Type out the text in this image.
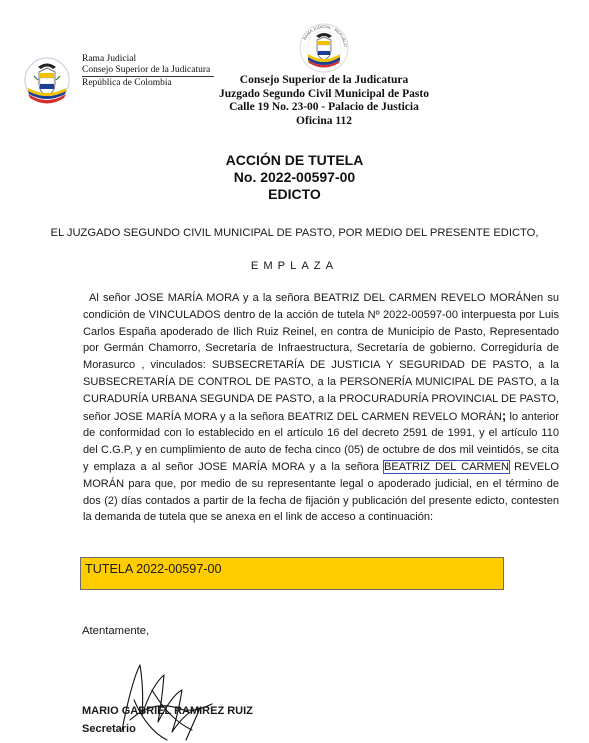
Rama Judicial
Consejo Superior de la Judicatura
República de Colombia
RAMA JUDICIAL · REPUBLIC
Consejo Superior de la Judicatura
Juzgado Segundo Civil Municipal de Pasto
Calle 19 No. 23-00 - Palacio de Justicia
Oficina 112
ACCIÓN DE TUTELA
No. 2022-00597-00
EDICTO
EL JUZGADO SEGUNDO CIVIL MUNICIPAL DE PASTO, POR MEDIO DEL PRESENTE EDICTO,
EMPLAZA
Al señor JOSE MARÍA MORA y a la señora BEATRIZ DEL CARMEN REVELO MORÁNen su condición de VINCULADOS dentro de la acción de tutela Nº 2022-00597-00 interpuesta por Luis Carlos España apoderado de Ilich Ruiz Reinel, en contra de Municipio de Pasto, Representado por Germán Chamorro, Secretaría de Infraestructura, Secretaría de gobierno. Corregiduría de Morasurco , vinculados: SUBSECRETARÍA DE JUSTICIA Y SEGURIDAD DE PASTO, a la SUBSECRETARÍA DE CONTROL DE PASTO, a la PERSONERÍA MUNICIPAL DE PASTO, a la CURADURÍA URBANA SEGUNDA DE PASTO, a la PROCURADURÍA PROVINCIAL DE PASTO, señor JOSE MARÍA MORA y a la señora BEATRIZ DEL CARMEN REVELO MORÁN; lo anterior de conformidad con lo establecido en el artículo 16 del decreto 2591 de 1991, y el artículo 110 del C.G.P, y en cumplimiento de auto de fecha cinco (05) de octubre de dos mil veintidós, se cita y emplaza a al señor JOSE MARÍA MORA y a la señora BEATRIZ DEL CARMEN REVELO MORÁN para que, por medio de su representante legal o apoderado judicial, en el término de dos (2) días contados a partir de la fecha de fijación y publicación del presente edicto, contesten la demanda de tutela que se anexa en el link de acceso a continuación:
TUTELA 2022-00597-00
Atentamente,
MARIO GABRIEL RAMIREZ RUIZ
Secretario
